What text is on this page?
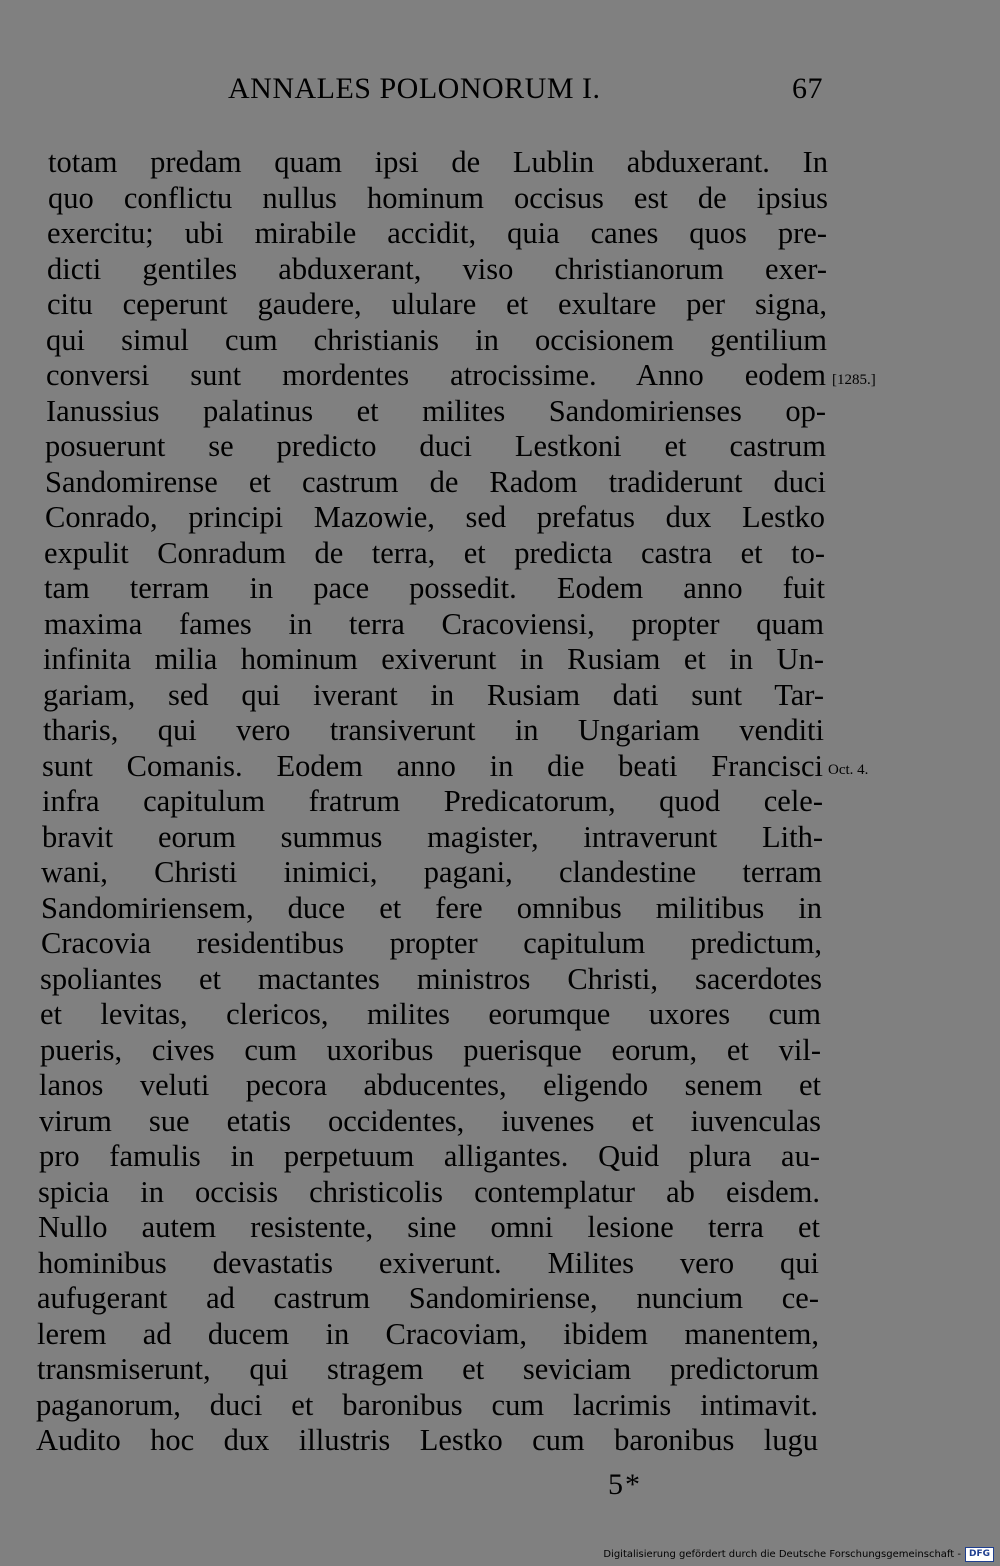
ANNALES POLONORUM I.	67
totam predam quam ipsi de Lublin abduxerant. In
quo conflictu nullus hominum occisus est de ipsius
exercitu; ubi mirabile accidit, quia canes quos pre-
dicti gentiles abduxerant, viso christianorum exer-
citu ceperunt gaudere, ululare et exultare per signa,
qui simul cum christianis in occisionem gentilium
conversi sunt mordentes atrocissime. Anno eodem
Ianussius palatinus et milites Sandomirienses op-
posuerunt se predicto duci Lestkoni et castrum
Sandomirense et castrum de Radom tradiderunt duci
Conrado, principi Mazowie, sed prefatus dux Lestko
expulit Conradum de terra, et predicta castra et to-
tam terram in pace possedit. Eodem anno fuit
maxima fames in terra Cracoviensi, propter quam
infinita milia hominum exiverunt in Rusiam et in Un-
gariam, sed qui iverant in Rusiam dati sunt Tar-
tharis, qui vero transiverunt in Ungariam venditi
sunt Comanis. Eodem anno in die beati Francisci
infra capitulum fratrum Predicatorum, quod cele-
bravit eorum summus magister, intraverunt Lith-
wani, Christi inimici, pagani, clandestine terram
Sandomiriensem, duce et fere omnibus militibus in
Cracovia residentibus propter capitulum predictum,
spoliantes et mactantes ministros Christi, sacerdotes
et levitas, clericos, milites eorumque uxores cum
pueris, cives cum uxoribus puerisque eorum, et vil-
lanos veluti pecora abducentes, eligendo senem et
virum sue etatis occidentes, iuvenes et iuvenculas
pro famulis in perpetuum alligantes. Quid plura au-
spicia in occisis christicolis contemplatur ab eisdem.
Nullo autem resistente, sine omni lesione terra et
hominibus devastatis exiverunt. Milites vero qui
aufugerant ad castrum Sandomiriense, nuncium ce-
lerem ad ducem in Cracoviam, ibidem manentem,
transmiserunt, qui stragem et seviciam predictorum
paganorum, duci et baronibus cum lacrimis intimavit.
Audito hoc dux illustris Lestko cum baronibus lugu
[1285.]
Oct. 4.
5*
Digitalisierung gefördert durch die Deutsche Forschungsgemeinschaft - DFG
